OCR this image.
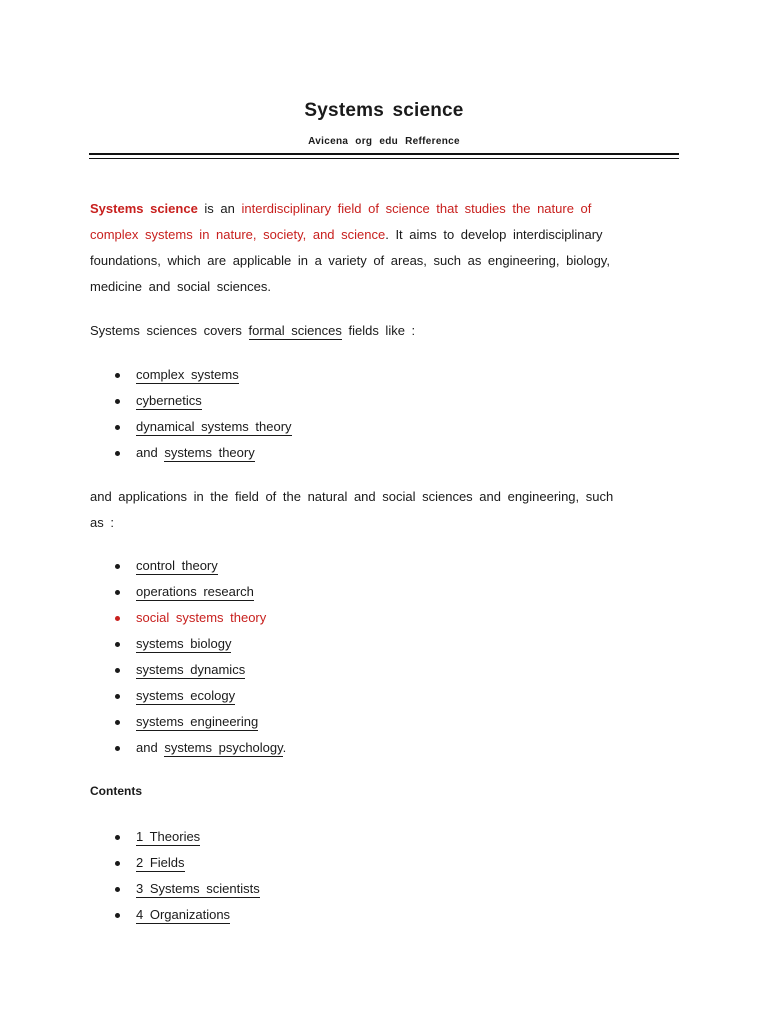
Systems science
Avicena org edu Refference
Systems science is an interdisciplinary field of science that studies the nature of
complex systems in nature, society, and science. It aims to develop interdisciplinary
foundations, which are applicable in a variety of areas, such as engineering, biology,
medicine and social sciences.
Systems sciences covers formal sciences fields like :
complex systems
cybernetics
dynamical systems theory
and systems theory
and applications in the field of the natural and social sciences and engineering, such
as :
control theory
operations research
social systems theory
systems biology
systems dynamics
systems ecology
systems engineering
and systems psychology.
Contents
1 Theories
2 Fields
3 Systems scientists
4 Organizations
